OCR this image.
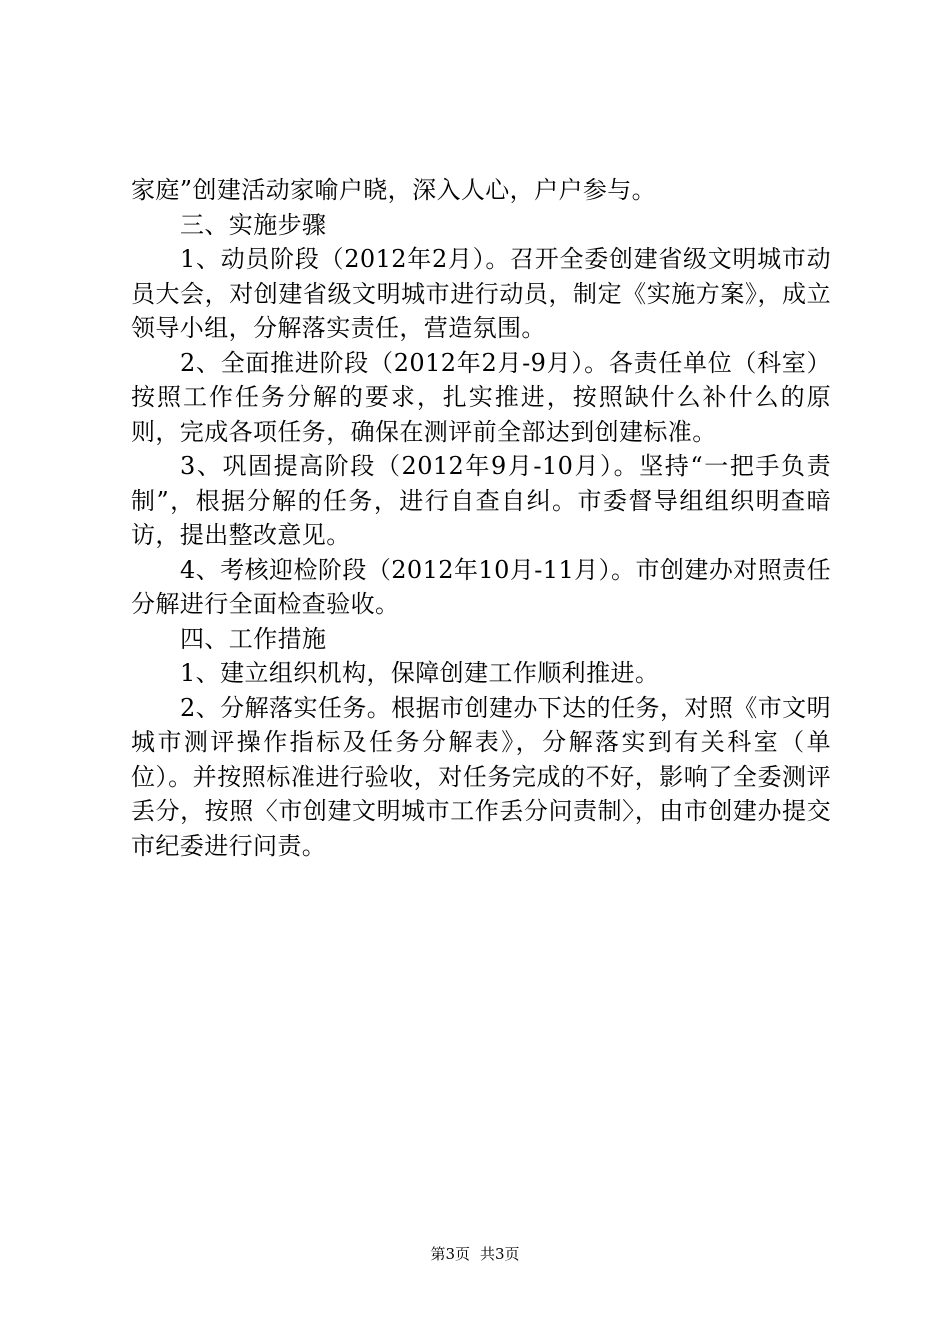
家庭”创建活动家喻户晓，深入人心，户户参与。

三、实施步骤

1、动员阶段（2012年2月）。召开全委创建省级文明城市动员大会，对创建省级文明城市进行动员，制定《实施方案》，成立领导小组，分解落实责任，营造氛围。

2、全面推进阶段（2012年2月-9月）。各责任单位（科室）按照工作任务分解的要求，扎实推进，按照缺什么补什么的原则，完成各项任务，确保在测评前全部达到创建标准。

3、巩固提高阶段（2012年9月-10月）。坚持“一把手负责制”，根据分解的任务，进行自查自纠。市委督导组组织明查暗访，提出整改意见。

4、考核迎检阶段（2012年10月-11月）。市创建办对照责任分解进行全面检查验收。

四、工作措施

1、建立组织机构，保障创建工作顺利推进。

2、分解落实任务。根据市创建办下达的任务，对照《市文明城市测评操作指标及任务分解表》，分解落实到有关科室（单位）。并按照标准进行验收，对任务完成的不好，影响了全委测评丢分，按照〈市创建文明城市工作丢分问责制〉，由市创建办提交市纪委进行问责。

第3页 共3页
